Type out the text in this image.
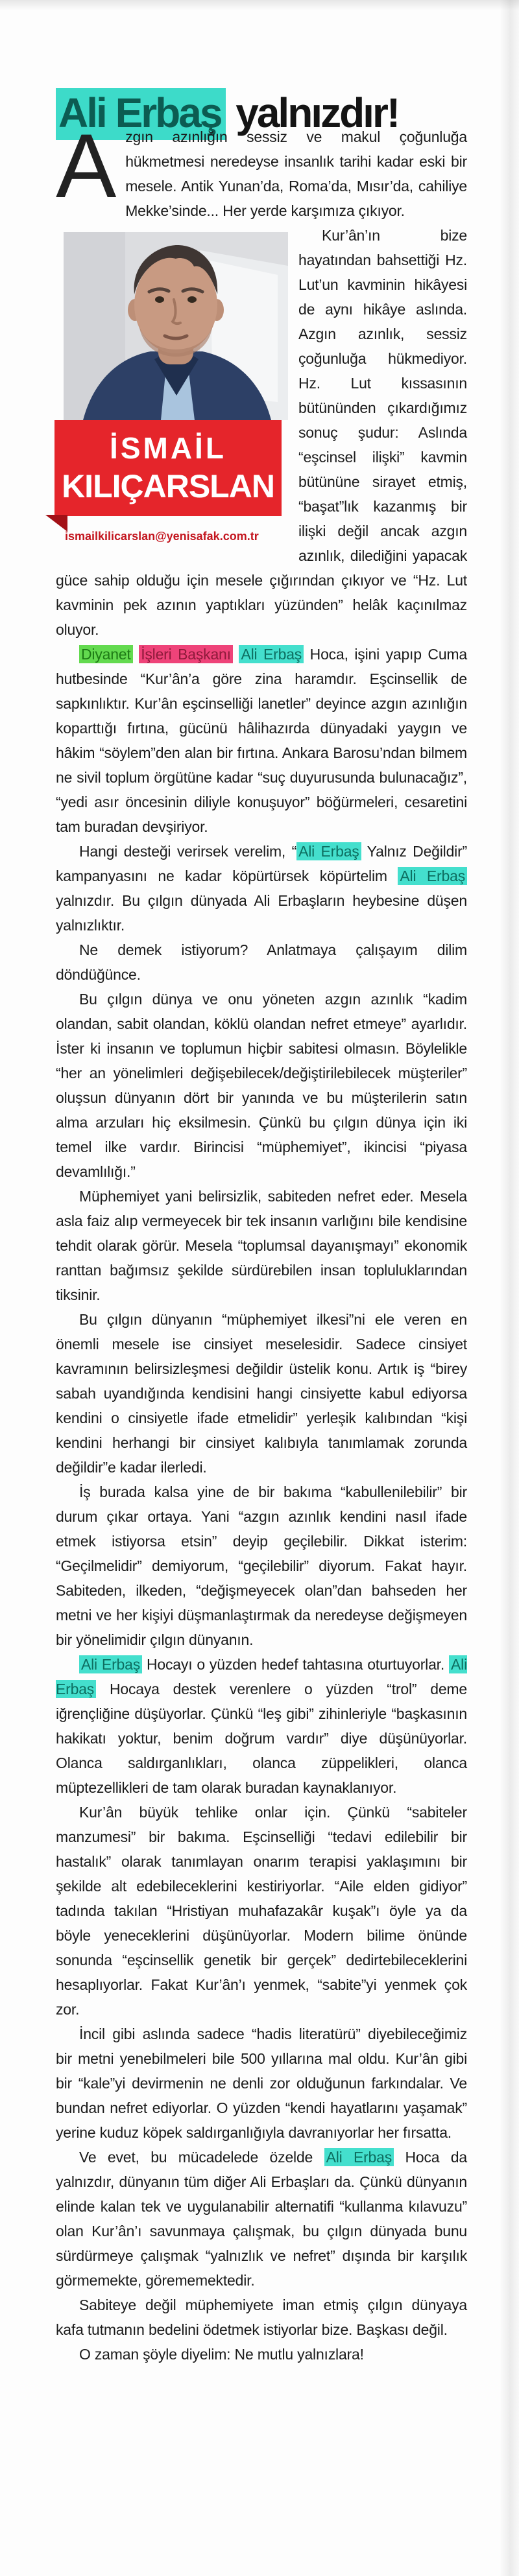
Ali Erbaş yalnızdır!

Azgın azınlığın sessiz ve makul çoğunluğa hükmetmesi neredeyse insanlık tarihi kadar eski bir mesele. Antik Yunan’da, Roma’da, Mısır’da, cahiliye Mekke’sinde... Her yerde karşımıza çıkıyor.

İSMAİL
KILIÇARSLAN
ismailkilicarslan@yenisafak.com.tr

Kur’ân’ın bize hayatından bahsettiği Hz. Lut’un kavminin hikâyesi de aynı hikâye aslında. Azgın azınlık, sessiz çoğunluğa hükmediyor. Hz. Lut kıssasının bütününden çıkardığımız sonuç şudur: Aslında “eşcinsel ilişki” kavmin bütününe sirayet etmiş, “başat”lık kazanmış bir ilişki değil ancak azgın azınlık, dilediğini yapacak güce sahip olduğu için mesele çığırından çıkıyor ve “Hz. Lut kavminin pek azının yaptıkları yüzünden” helâk kaçınılmaz oluyor.

Diyanet İşleri Başkanı Ali Erbaş Hoca, işini yapıp Cuma hutbesinde “Kur’ân’a göre zina haramdır. Eşcinsellik de sapkınlıktır. Kur’ân eşcinselliği lanetler” deyince azgın azınlığın koparttığı fırtına, gücünü hâlihazırda dünyadaki yaygın ve hâkim “söylem”den alan bir fırtına. Ankara Barosu’ndan bilmem ne sivil toplum örgütüne kadar “suç duyurusunda bulunacağız”, “yedi asır öncesinin diliyle konuşuyor” böğürmeleri, cesaretini tam buradan devşiriyor.

Hangi desteği verirsek verelim, “ Ali Erbaş Yalnız Değildir” kampanyasını ne kadar köpürtürsek köpürtelim Ali Erbaş yalnızdır. Bu çılgın dünyada Ali Erbaşların heybesine düşen yalnızlıktır.

Ne demek istiyorum? Anlatmaya çalışayım dilim döndüğünce.

Bu çılgın dünya ve onu yöneten azgın azınlık “kadim olandan, sabit olandan, köklü olandan nefret etmeye” ayarlıdır. İster ki insanın ve toplumun hiçbir sabitesi olmasın. Böylelikle “her an yönelimleri değişebilecek/değiştirilebilecek müşteriler” oluşsun dünyanın dört bir yanında ve bu müşterilerin satın alma arzuları hiç eksilmesin. Çünkü bu çılgın dünya için iki temel ilke vardır. Birincisi “müphemiyet”, ikincisi “piyasa devamlılığı.”

Müphemiyet yani belirsizlik, sabiteden nefret eder. Mesela asla faiz alıp vermeyecek bir tek insanın varlığını bile kendisine tehdit olarak görür. Mesela “toplumsal dayanışmayı” ekonomik ranttan bağımsız şekilde sürdürebilen insan topluluklarından tiksinir.

Bu çılgın dünyanın “müphemiyet ilkesi”ni ele veren en önemli mesele ise cinsiyet meselesidir. Sadece cinsiyet kavramının belirsizleşmesi değildir üstelik konu. Artık iş “birey sabah uyandığında kendisini hangi cinsiyette kabul ediyorsa kendini o cinsiyetle ifade etmelidir” yerleşik kalıbından “kişi kendini herhangi bir cinsiyet kalıbıyla tanımlamak zorunda değildir”e kadar ilerledi.

İş burada kalsa yine de bir bakıma “kabullenilebilir” bir durum çıkar ortaya. Yani “azgın azınlık kendini nasıl ifade etmek istiyorsa etsin” deyip geçilebilir. Dikkat isterim: “Geçilmelidir” demiyorum, “geçilebilir” diyorum. Fakat hayır. Sabiteden, ilkeden, “değişmeyecek olan”dan bahseden her metni ve her kişiyi düşmanlaştırmak da neredeyse değişmeyen bir yönelimidir çılgın dünyanın.

Ali Erbaş Hocayı o yüzden hedef tahtasına oturtuyorlar. Ali Erbaş Hocaya destek verenlere o yüzden “trol” deme iğrençliğine düşüyorlar. Çünkü “leş gibi” zihinleriyle “başkasının hakikatı yoktur, benim doğrum vardır” diye düşünüyorlar. Olanca saldırganlıkları, olanca züppelikleri, olanca müptezellikleri de tam olarak buradan kaynaklanıyor.

Kur’ân büyük tehlike onlar için. Çünkü “sabiteler manzumesi” bir bakıma. Eşcinselliği “tedavi edilebilir bir hastalık” olarak tanımlayan onarım terapisi yaklaşımını bir şekilde alt edebileceklerini kestiriyorlar. “Aile elden gidiyor” tadında takılan “Hristiyan muhafazakâr kuşak”ı öyle ya da böyle yeneceklerini düşünüyorlar. Modern bilime önünde sonunda “eşcinsellik genetik bir gerçek” dedirtebileceklerini hesaplıyorlar. Fakat Kur’ân’ı yenmek, “sabite”yi yenmek çok zor.

İncil gibi aslında sadece “hadis literatürü” diyebileceğimiz bir metni yenebilmeleri bile 500 yıllarına mal oldu. Kur’ân gibi bir “kale”yi devirmenin ne denli zor olduğunun farkındalar. Ve bundan nefret ediyorlar. O yüzden “kendi hayatlarını yaşamak” yerine kuduz köpek saldırganlığıyla davranıyorlar her fırsatta.

Ve evet, bu mücadelede özelde Ali Erbaş Hoca da yalnızdır, dünyanın tüm diğer Ali Erbaşları da. Çünkü dünyanın elinde kalan tek ve uygulanabilir alternatifi “kullanma kılavuzu” olan Kur’ân’ı savunmaya çalışmak, bu çılgın dünyada bunu sürdürmeye çalışmak “yalnızlık ve nefret” dışında bir karşılık görmemekte, görememektedir.

Sabiteye değil müphemiyete iman etmiş çılgın dünyaya kafa tutmanın bedelini ödetmek istiyorlar bize. Başkası değil.

O zaman şöyle diyelim: Ne mutlu yalnızlara!
